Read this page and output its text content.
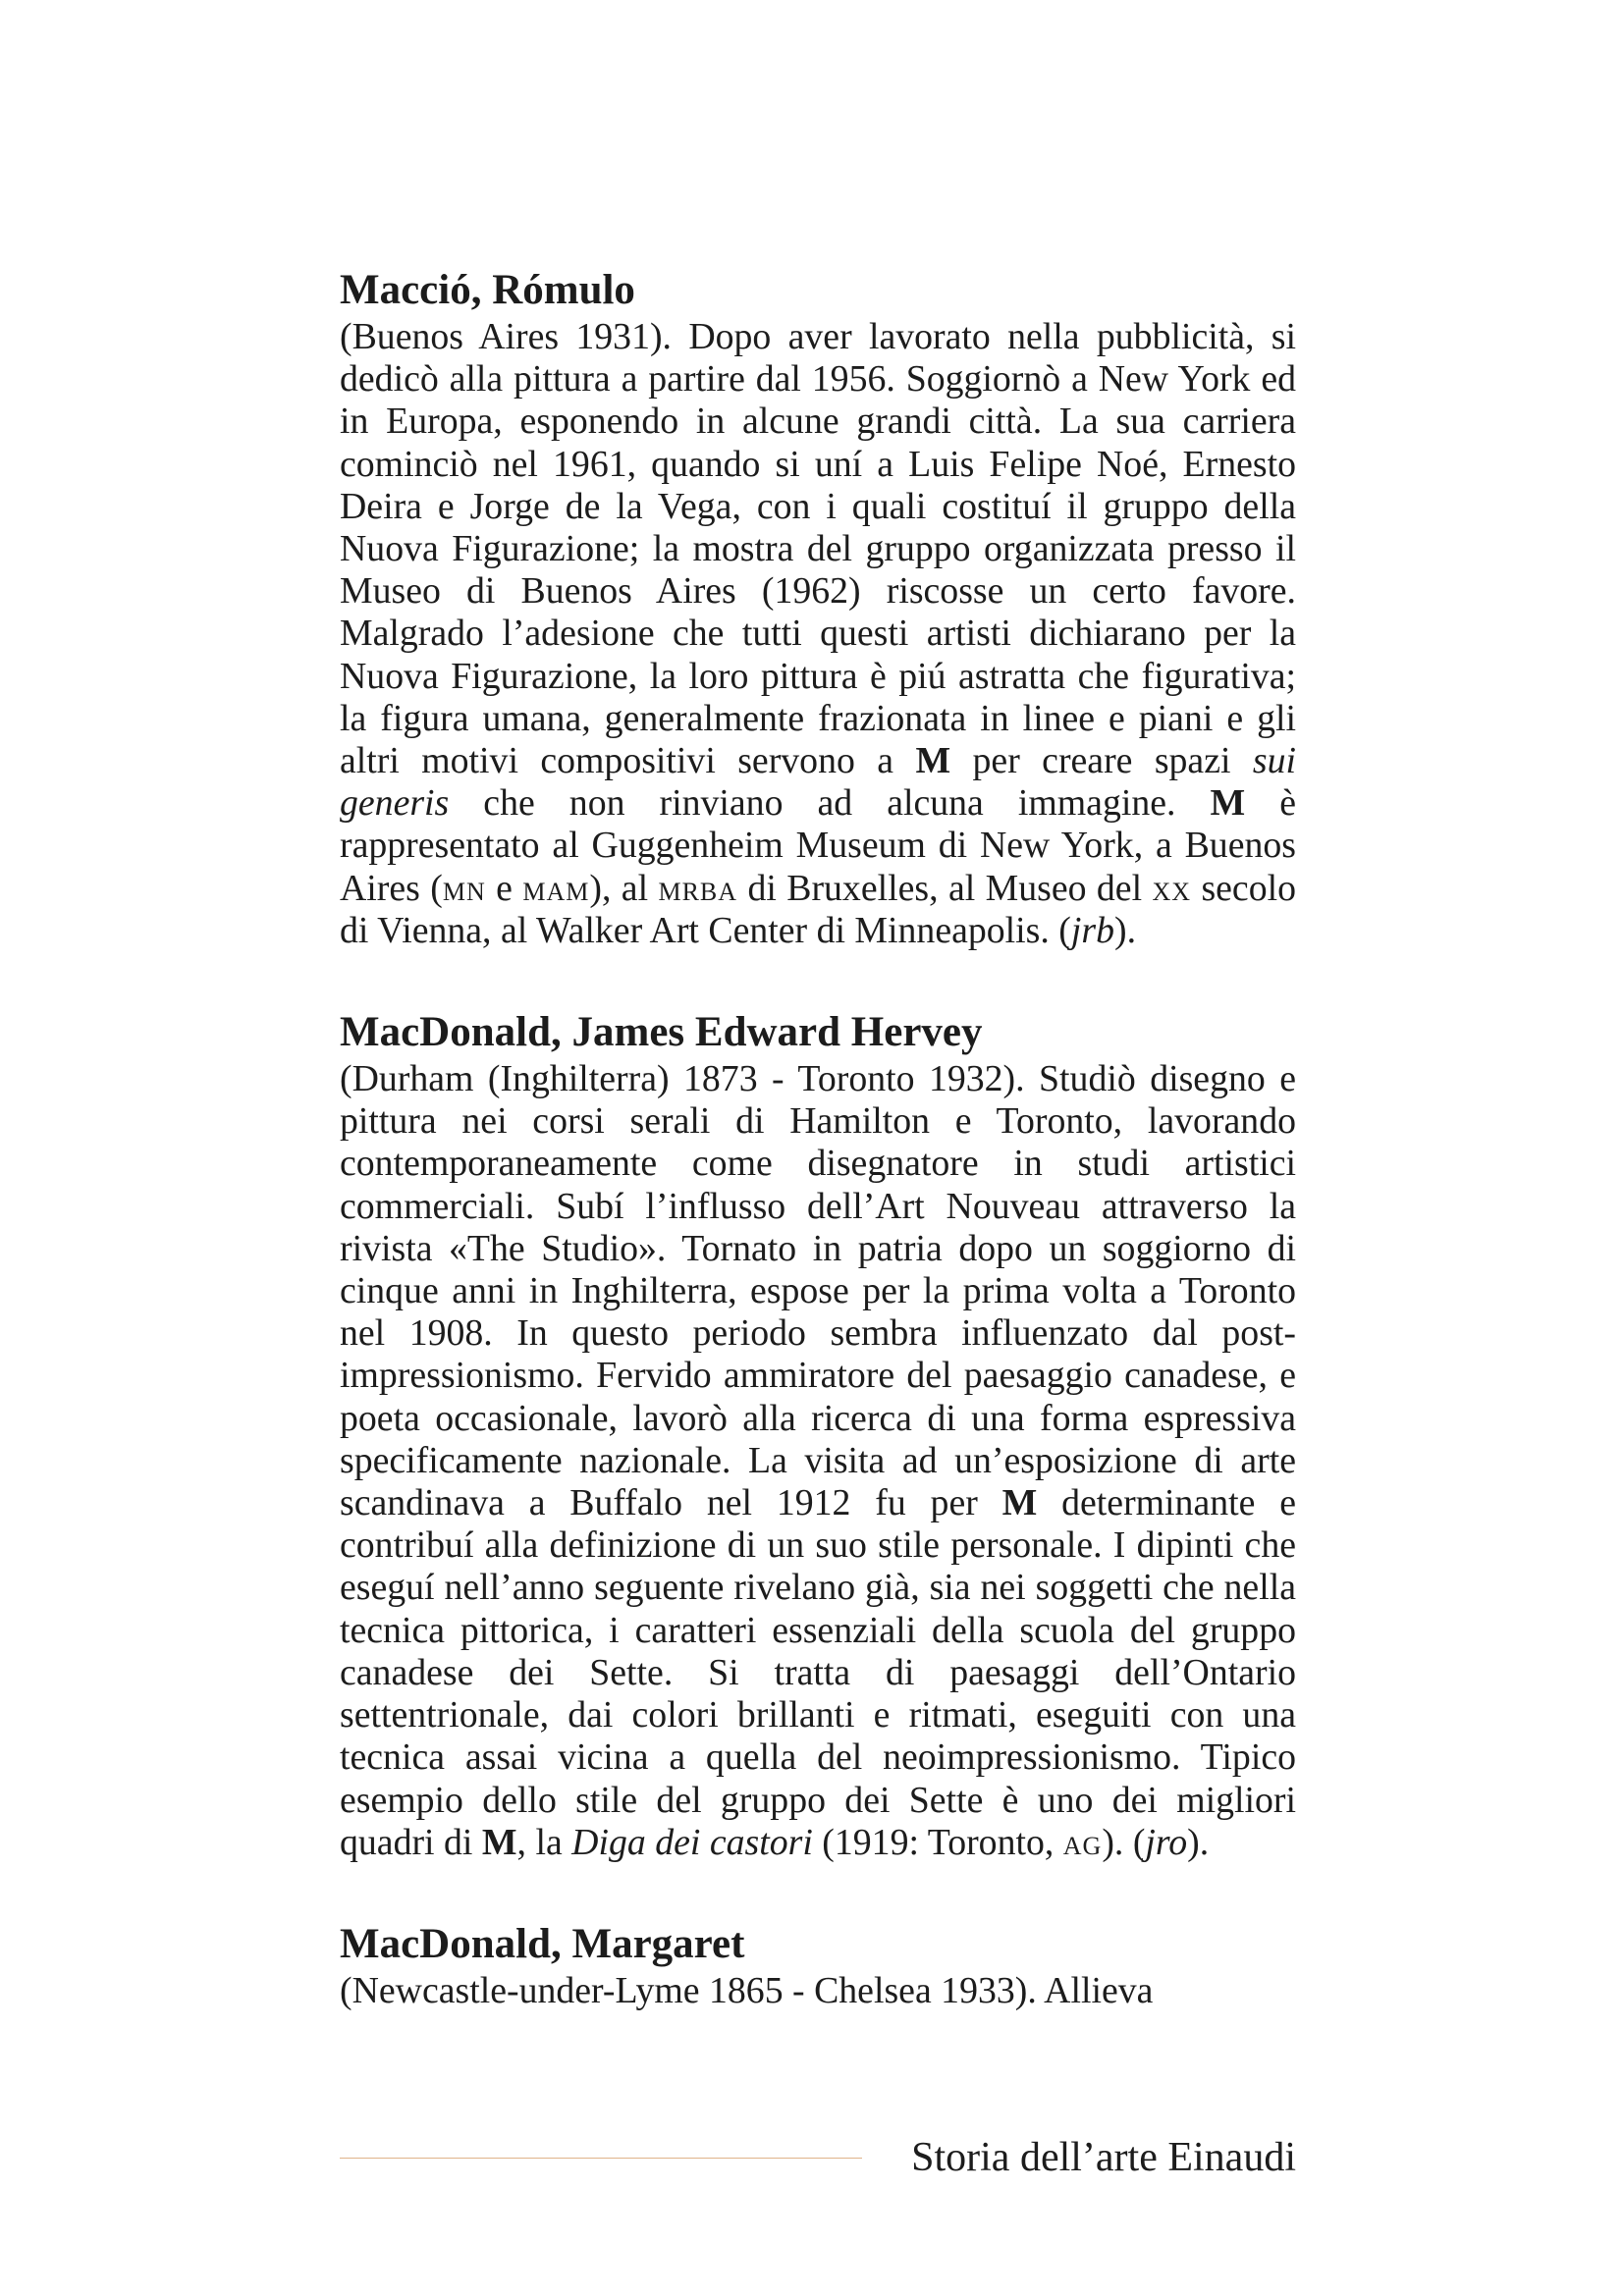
Macció, Rómulo

(Buenos Aires 1931). Dopo aver lavorato nella pubblicità, si dedicò alla pittura a partire dal 1956. Soggiornò a New York ed in Europa, esponendo in alcune grandi città. La sua carriera cominciò nel 1961, quando si uní a Luis Felipe Noé, Ernesto Deira e Jorge de la Vega, con i quali costituí il gruppo della Nuova Figurazione; la mostra del gruppo organizzata presso il Museo di Buenos Aires (1962) riscosse un certo favore. Malgrado l’adesione che tutti questi artisti dichiarano per la Nuova Figurazione, la loro pittura è piú astratta che figurativa; la figura umana, generalmente frazionata in linee e piani e gli altri motivi compositivi servono a M per creare spazi sui generis che non rinviano ad alcuna immagine. M è rappresentato al Guggenheim Museum di New York, a Buenos Aires (mn e mam), al mrba di Bruxelles, al Museo del xx secolo di Vienna, al Walker Art Center di Minneapolis. (jrb).

MacDonald, James Edward Hervey

(Durham (Inghilterra) 1873 - Toronto 1932). Studiò disegno e pittura nei corsi serali di Hamilton e Toronto, lavorando contemporaneamente come disegnatore in studi artistici commerciali. Subí l’influsso dell’Art Nouveau attraverso la rivista «The Studio». Tornato in patria dopo un soggiorno di cinque anni in Inghilterra, espose per la prima volta a Toronto nel 1908. In questo periodo sembra influenzato dal post-impressionismo. Fervido ammiratore del paesaggio canadese, e poeta occasionale, lavorò alla ricerca di una forma espressiva specificamente nazionale. La visita ad un’esposizione di arte scandinava a Buffalo nel 1912 fu per M determinante e contribuí alla definizione di un suo stile personale. I dipinti che eseguí nell’anno seguente rivelano già, sia nei soggetti che nella tecnica pittorica, i caratteri essenziali della scuola del gruppo canadese dei Sette. Si tratta di paesaggi dell’Ontario settentrionale, dai colori brillanti e ritmati, eseguiti con una tecnica assai vicina a quella del neoimpressionismo. Tipico esempio dello stile del gruppo dei Sette è uno dei migliori quadri di M, la Diga dei castori (1919: Toronto, ag). (jro).

MacDonald, Margaret

(Newcastle-under-Lyme 1865 - Chelsea 1933). Allieva

Storia dell’arte Einaudi
